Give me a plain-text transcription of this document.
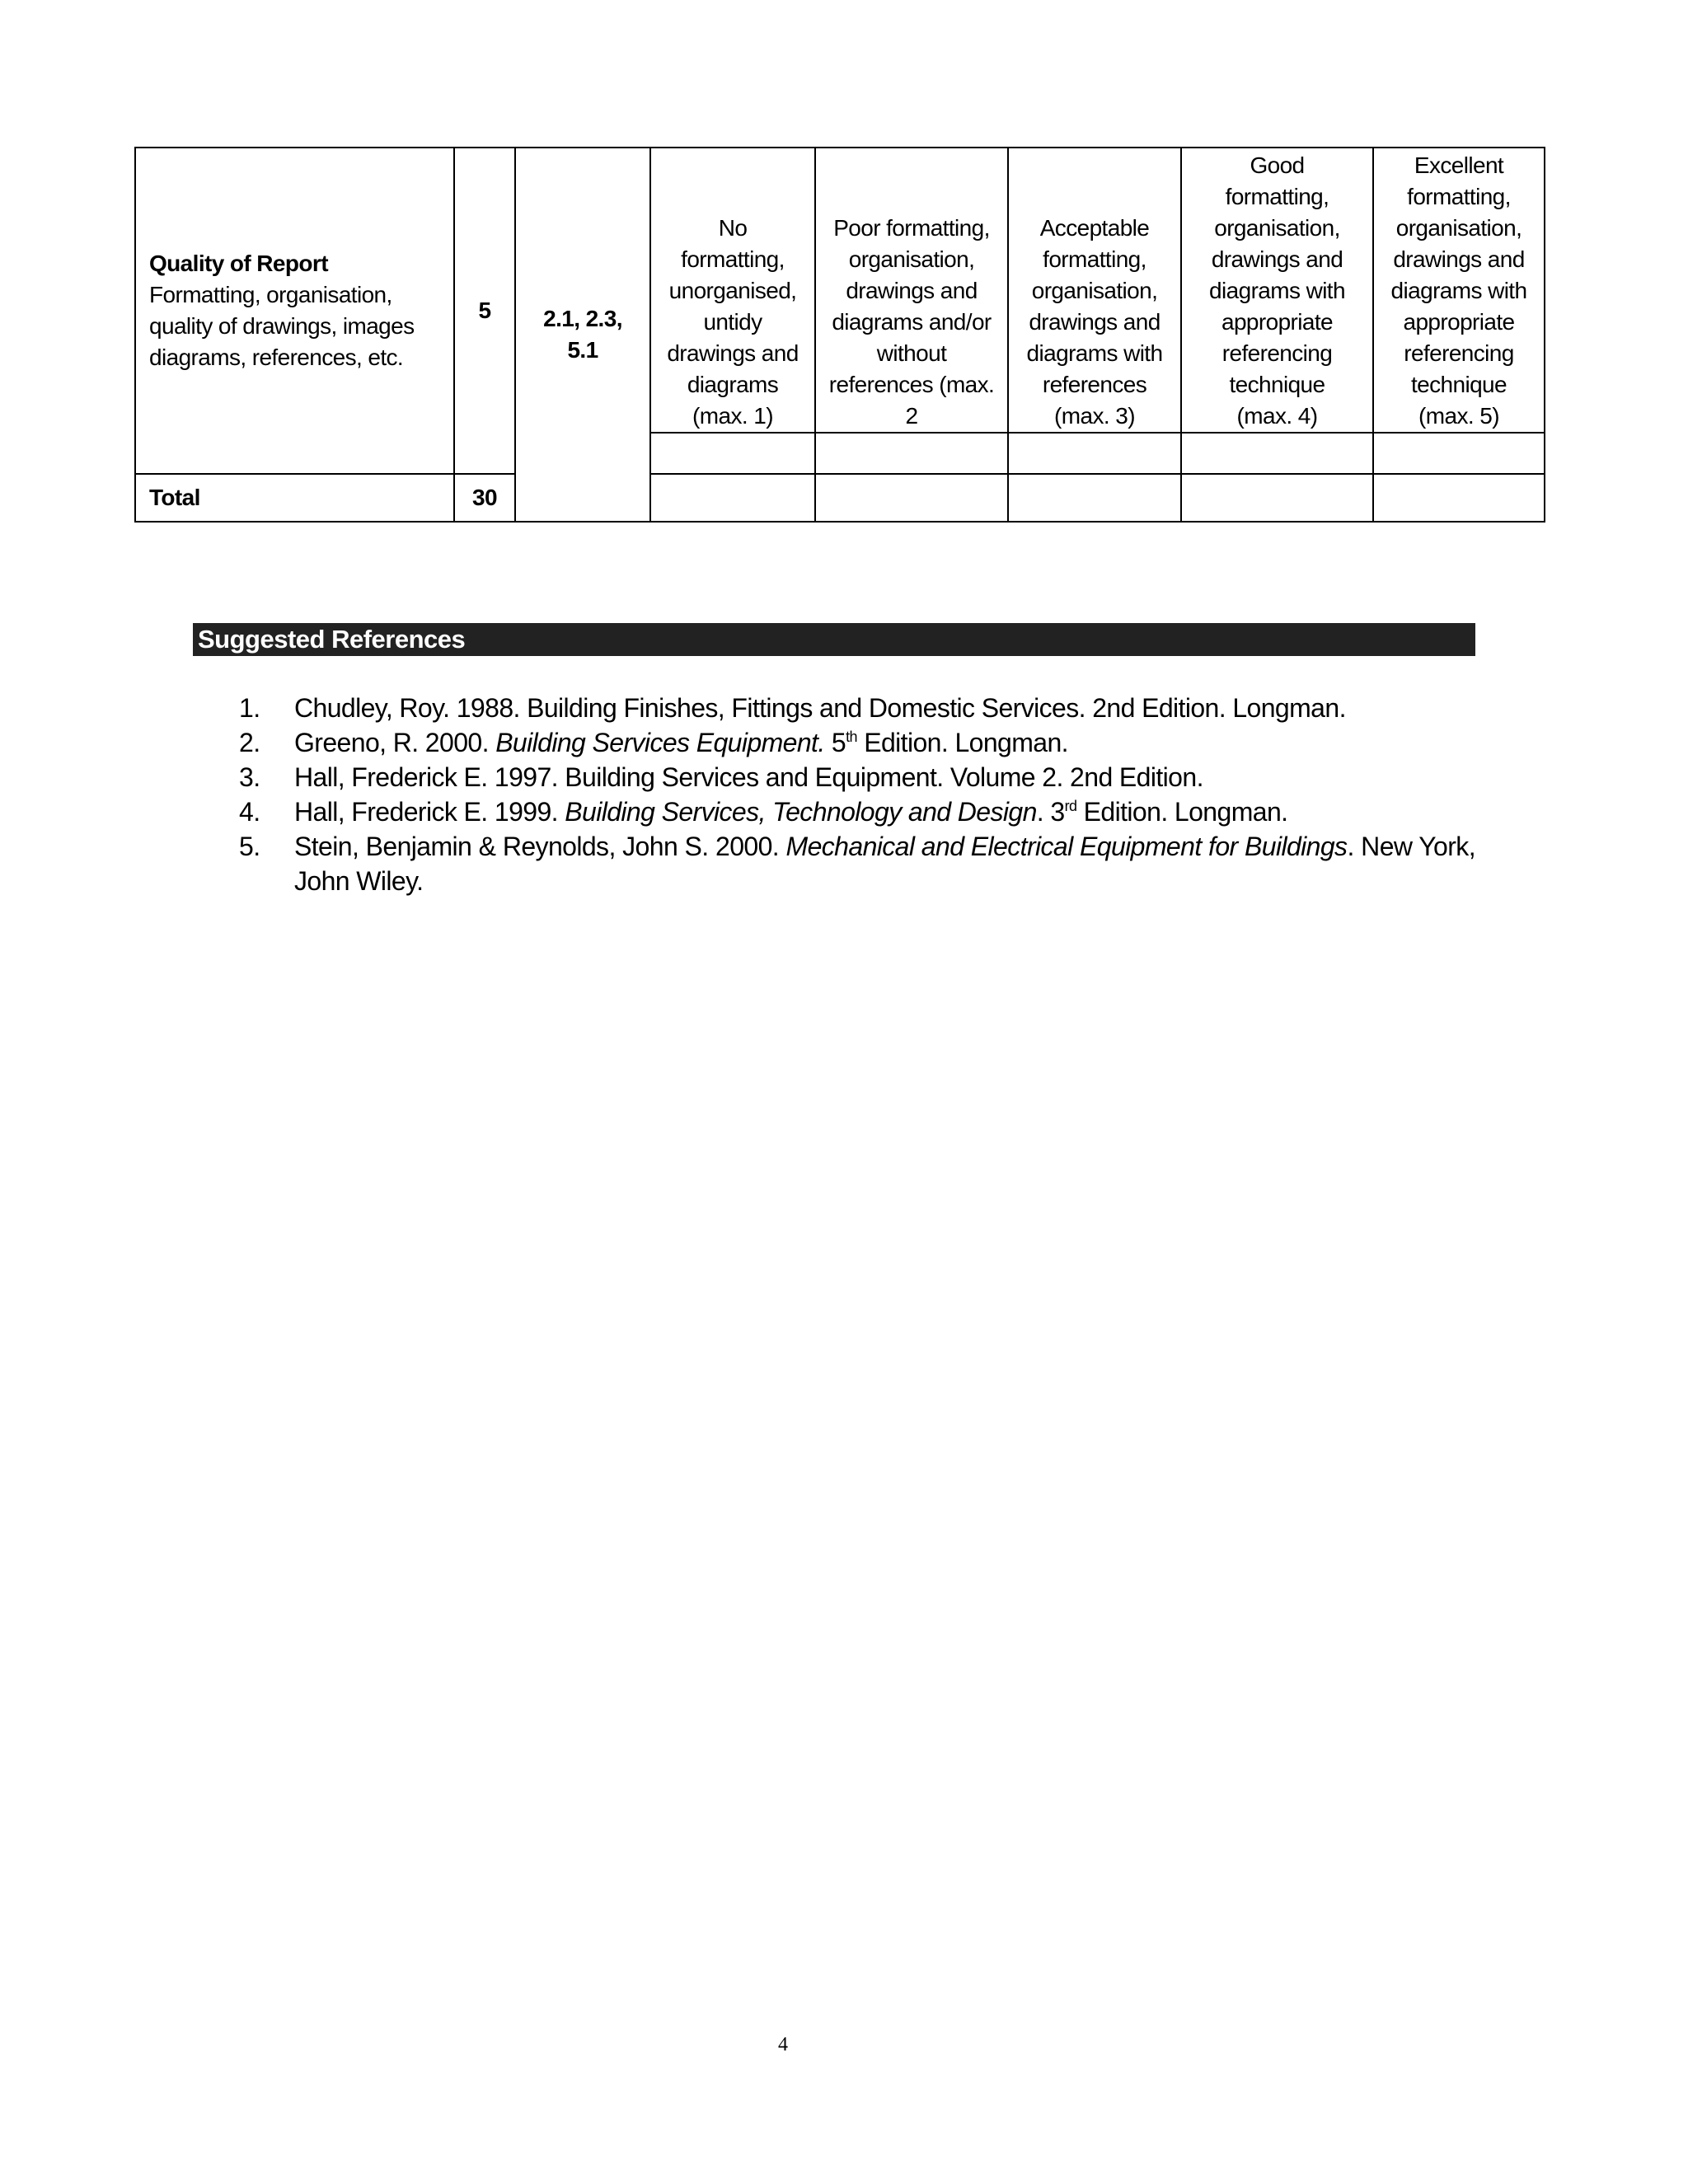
Quality of Report
Formatting, organisation, quality of drawings, images diagrams, references, etc.	5	2.1, 2.3, 5.1	No formatting, unorganised, untidy drawings and diagrams (max. 1)	Poor formatting, organisation, drawings and diagrams and/or without references (max. 2	Acceptable formatting, organisation, drawings and diagrams with references (max. 3)	Good formatting, organisation, drawings and diagrams with appropriate referencing technique (max. 4)	Excellent formatting, organisation, drawings and diagrams with appropriate referencing technique (max. 5)

Total	30						
Suggested References
1.	Chudley, Roy. 1988. Building Finishes, Fittings and Domestic Services. 2nd Edition. Longman.
2.	Greeno, R. 2000. Building Services Equipment. 5th Edition. Longman.
3.	Hall, Frederick E. 1997. Building Services and Equipment. Volume 2. 2nd Edition.
4.	Hall, Frederick E. 1999. Building Services, Technology and Design. 3rd Edition. Longman.
5.	Stein, Benjamin & Reynolds, John S. 2000. Mechanical and Electrical Equipment for Buildings. New York, John Wiley.
4
